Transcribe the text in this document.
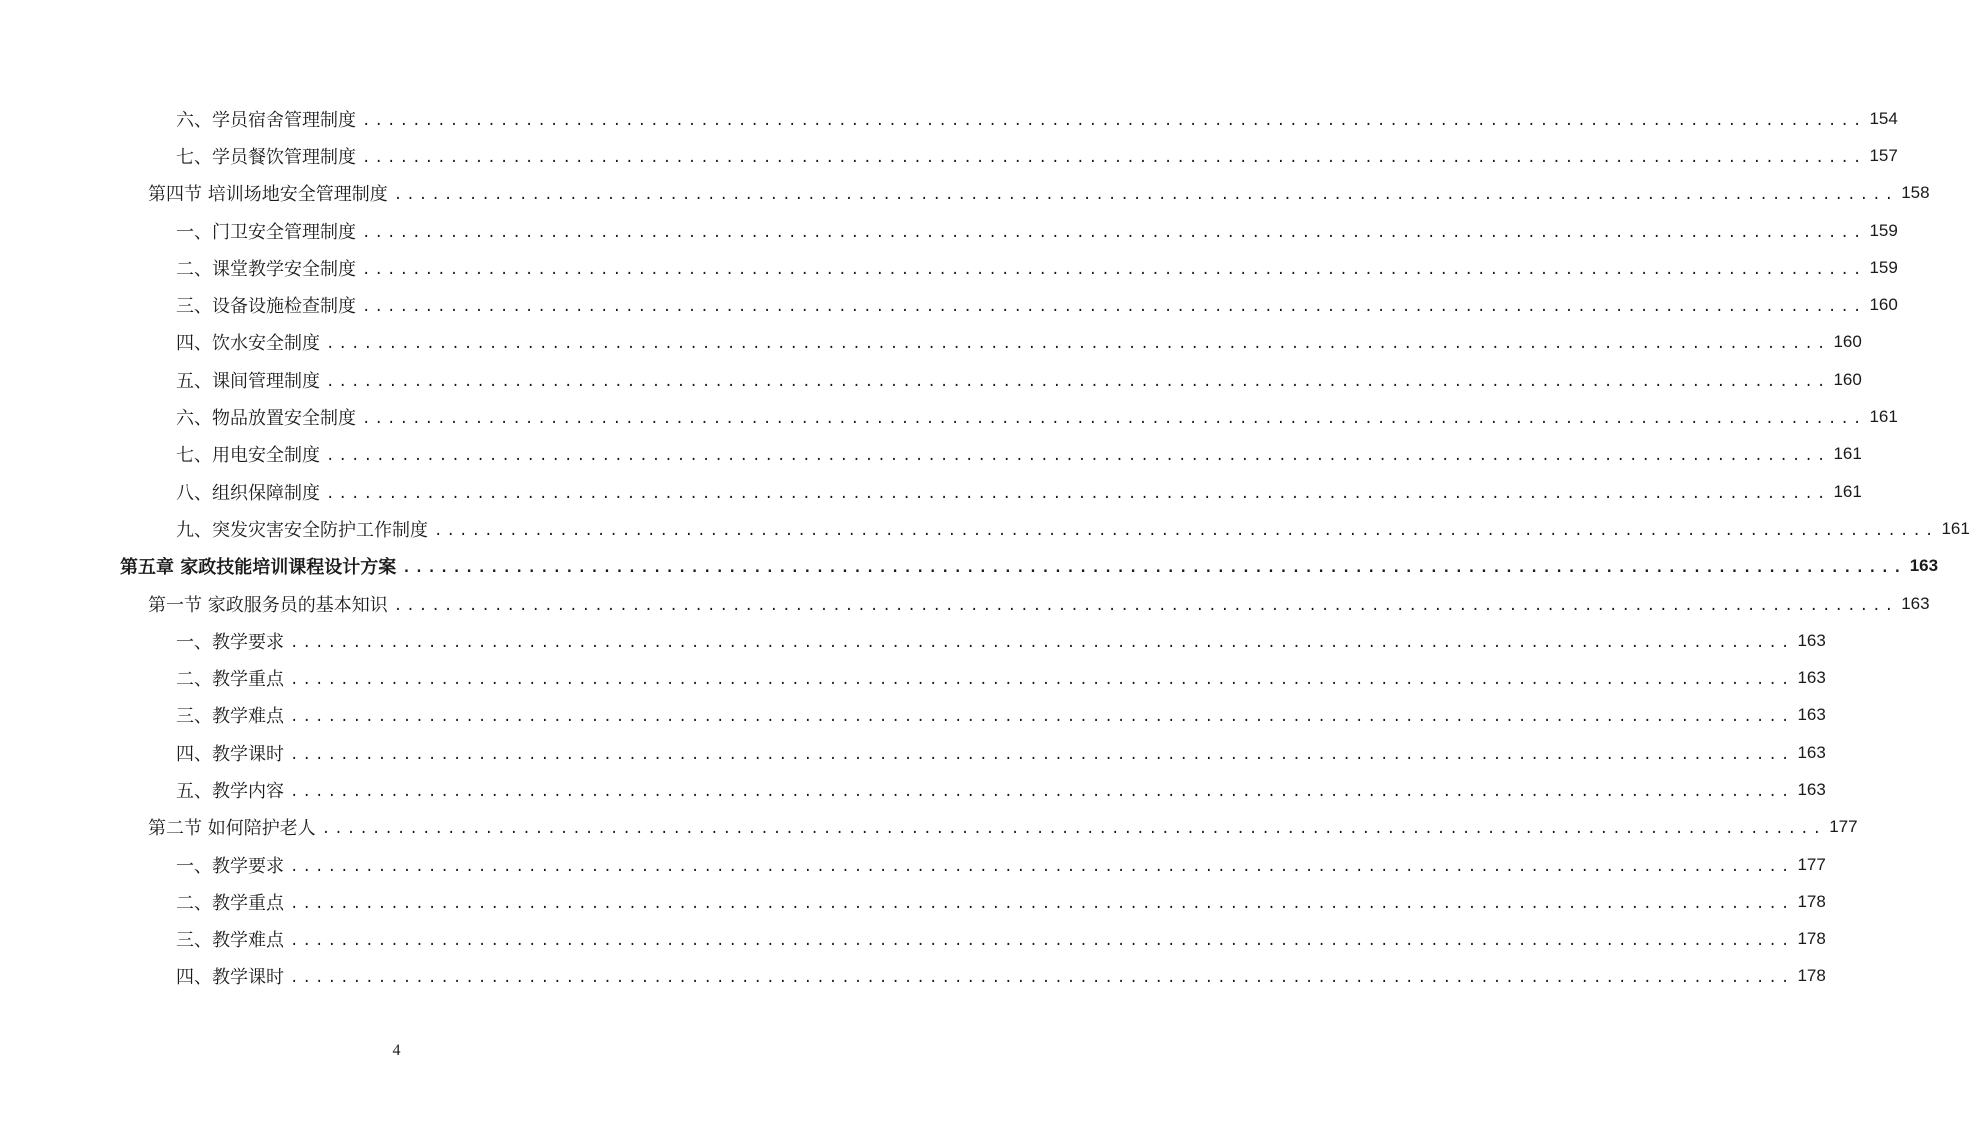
六、学员宿舍管理制度 ........................................................................................................................ 154
七、学员餐饮管理制度 ........................................................................................................................ 157
第四节 培训场地安全管理制度 ........................................................................................................................ 158
一、门卫安全管理制度 ........................................................................................................................ 159
二、课堂教学安全制度 ........................................................................................................................ 159
三、设备设施检查制度 ........................................................................................................................ 160
四、饮水安全制度 ........................................................................................................................ 160
五、课间管理制度 ........................................................................................................................ 160
六、物品放置安全制度 ........................................................................................................................ 161
七、用电安全制度 ........................................................................................................................ 161
八、组织保障制度 ........................................................................................................................ 161
九、突发灾害安全防护工作制度 ........................................................................................................................ 161
第五章 家政技能培训课程设计方案 ........................................................................................................................ 163
第一节 家政服务员的基本知识 ........................................................................................................................ 163
一、教学要求 ........................................................................................................................ 163
二、教学重点 ........................................................................................................................ 163
三、教学难点 ........................................................................................................................ 163
四、教学课时 ........................................................................................................................ 163
五、教学内容 ........................................................................................................................ 163
第二节 如何陪护老人 ........................................................................................................................ 177
一、教学要求 ........................................................................................................................ 177
二、教学重点 ........................................................................................................................ 178
三、教学难点 ........................................................................................................................ 178
四、教学课时 ........................................................................................................................ 178
4
